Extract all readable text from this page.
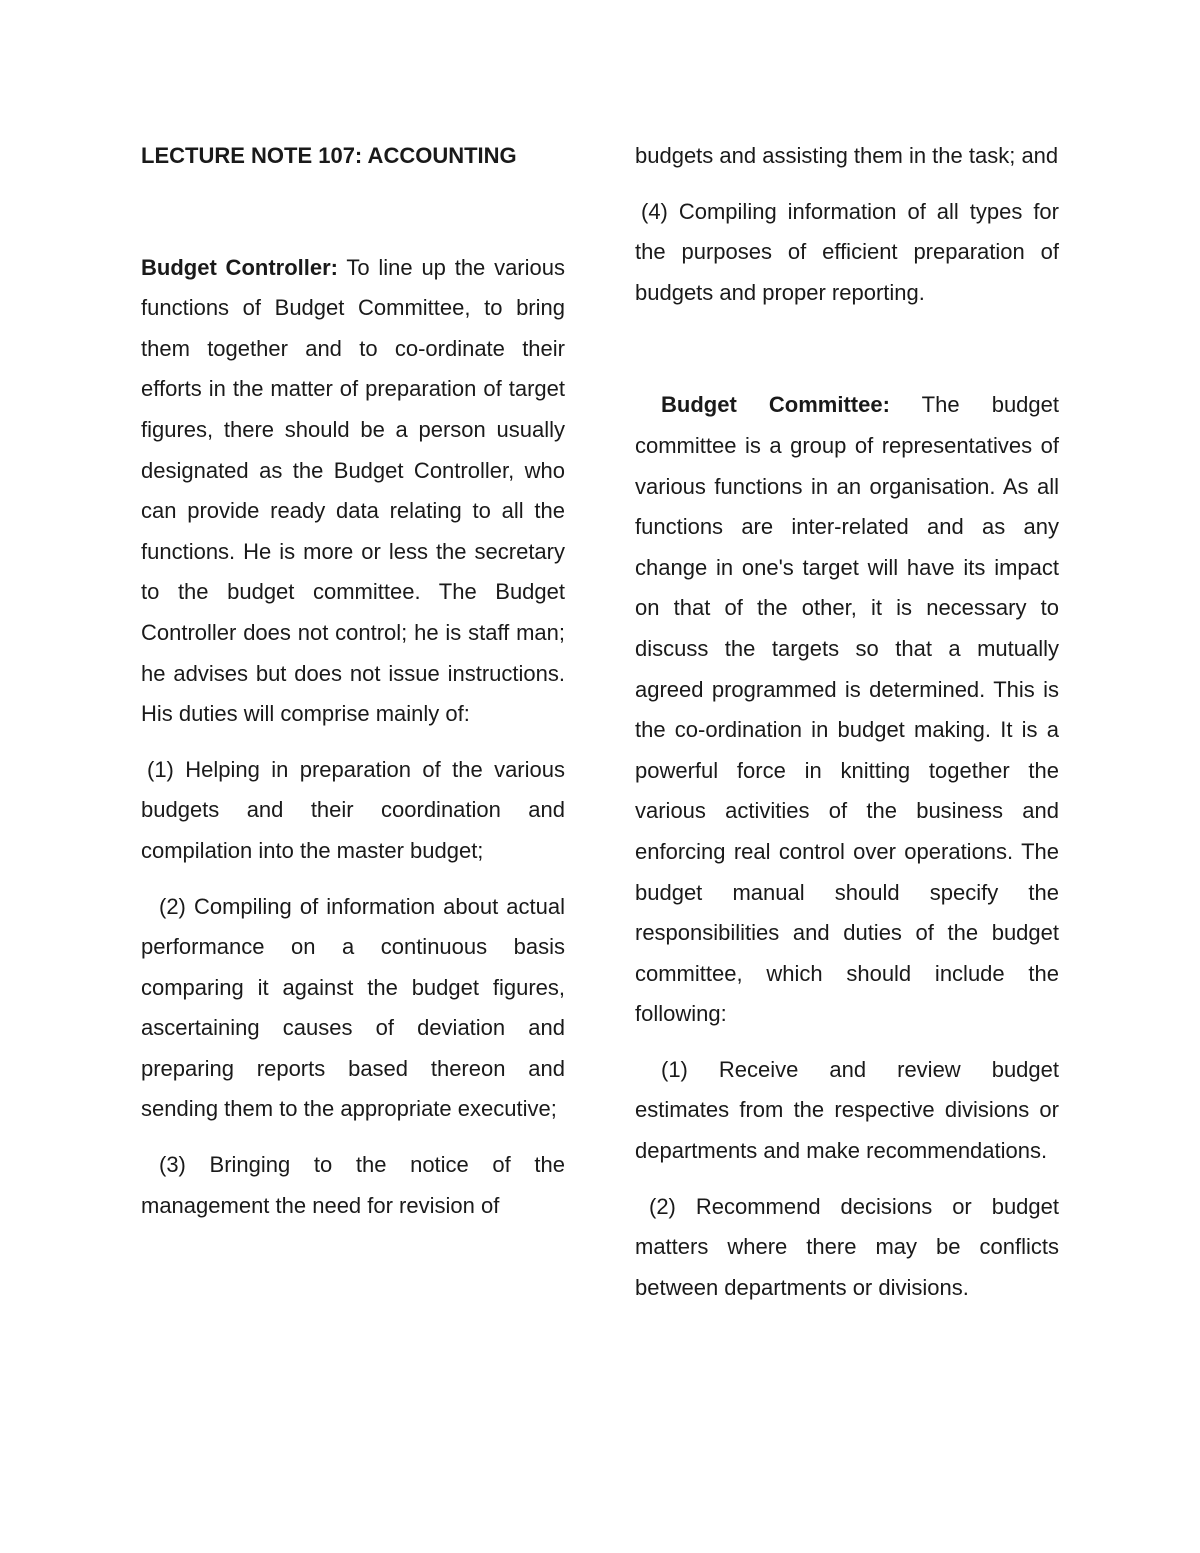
LECTURE NOTE 107: ACCOUNTING

Budget Controller: To line up the various functions of Budget Committee, to bring them together and to co-ordinate their efforts in the matter of preparation of target figures, there should be a person usually designated as the Budget Controller, who can provide ready data relating to all the functions. He is more or less the secretary to the budget committee. The Budget Controller does not control; he is staff man; he advises but does not issue instructions. His duties will comprise mainly of:

(1) Helping in preparation of the various budgets and their coordination and compilation into the master budget;

(2) Compiling of information about actual performance on a continuous basis comparing it against the budget figures, ascertaining causes of deviation and preparing reports based thereon and sending them to the appropriate executive;

(3) Bringing to the notice of the management the need for revision of

budgets and assisting them in the task; and

(4) Compiling information of all types for the purposes of efficient preparation of budgets and proper reporting.

Budget Committee: The budget committee is a group of representatives of various functions in an organisation. As all functions are inter-related and as any change in one's target will have its impact on that of the other, it is necessary to discuss the targets so that a mutually agreed programmed is determined. This is the co-ordination in budget making. It is a powerful force in knitting together the various activities of the business and enforcing real control over operations. The budget manual should specify the responsibilities and duties of the budget committee, which should include the following:

(1) Receive and review budget estimates from the respective divisions or departments and make recommendations.

(2) Recommend decisions or budget matters where there may be conflicts between departments or divisions.
